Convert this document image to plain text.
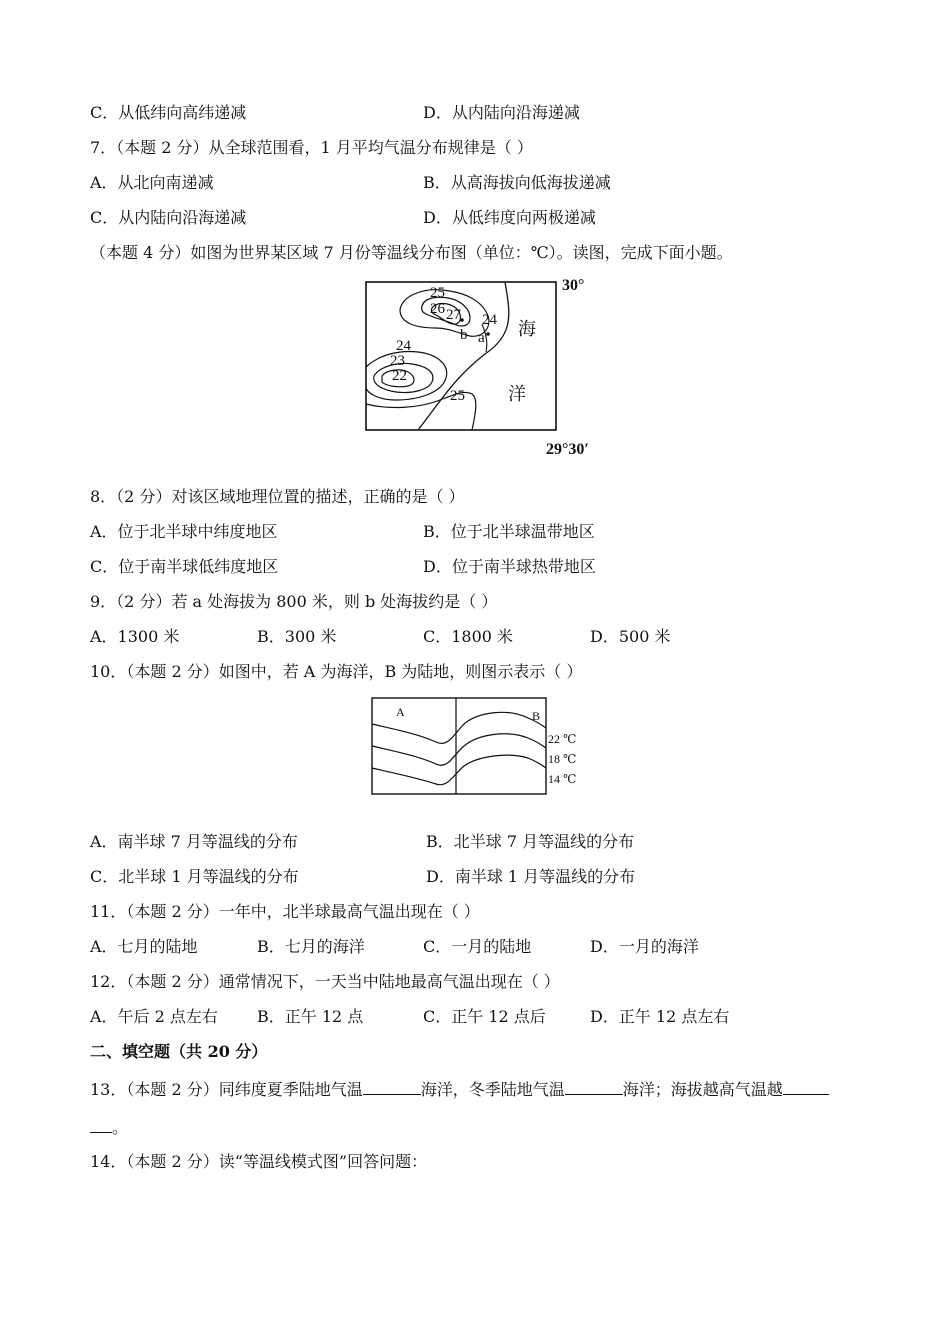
C．从低纬向高纬递减	D．从内陆向沿海递减
7．（本题 2 分）从全球范围看，1 月平均气温分布规律是（ ）
A．从北向南递减	B．从高海拔向低海拔递减
C．从内陆向沿海递减	D．从低纬度向两极递减
（本题 4 分）如图为世界某区域 7 月份等温线分布图（单位：℃）。读图，完成下面小题。
25
26 27 24
24
23
22
25
a
b	海
洋
30°
29°30′
8．（2 分）对该区域地理位置的描述，正确的是（ ）
A．位于北半球中纬度地区	B．位于北半球温带地区
C．位于南半球低纬度地区	D．位于南半球热带地区
9．（2 分）若 a 处海拔为 800 米，则 b 处海拔约是（ ）
A．1300 米	B．300 米	C．1800 米	D．500 米
10．（本题 2 分）如图中，若 A 为海洋，B 为陆地，则图示表示（ ）
A	B
22 ℃
18 ℃
14 ℃
A．南半球 7 月等温线的分布	B．北半球 7 月等温线的分布
C．北半球 1 月等温线的分布	D．南半球 1 月等温线的分布
11．（本题 2 分）一年中，北半球最高气温出现在（ ）
A．七月的陆地	B．七月的海洋	C．一月的陆地	D．一月的海洋
12．（本题 2 分）通常情况下，一天当中陆地最高气温出现在（ ）
A．午后 2 点左右 B．正午 12 点	C．正午 12 点后	D．正午 12 点左右
二、填空题（共 20 分）
13．（本题 2 分）同纬度夏季陆地气温	海洋，冬季陆地气温	海洋；海拔越高气温越
。
14．（本题 2 分）读“等温线模式图”回答问题：
